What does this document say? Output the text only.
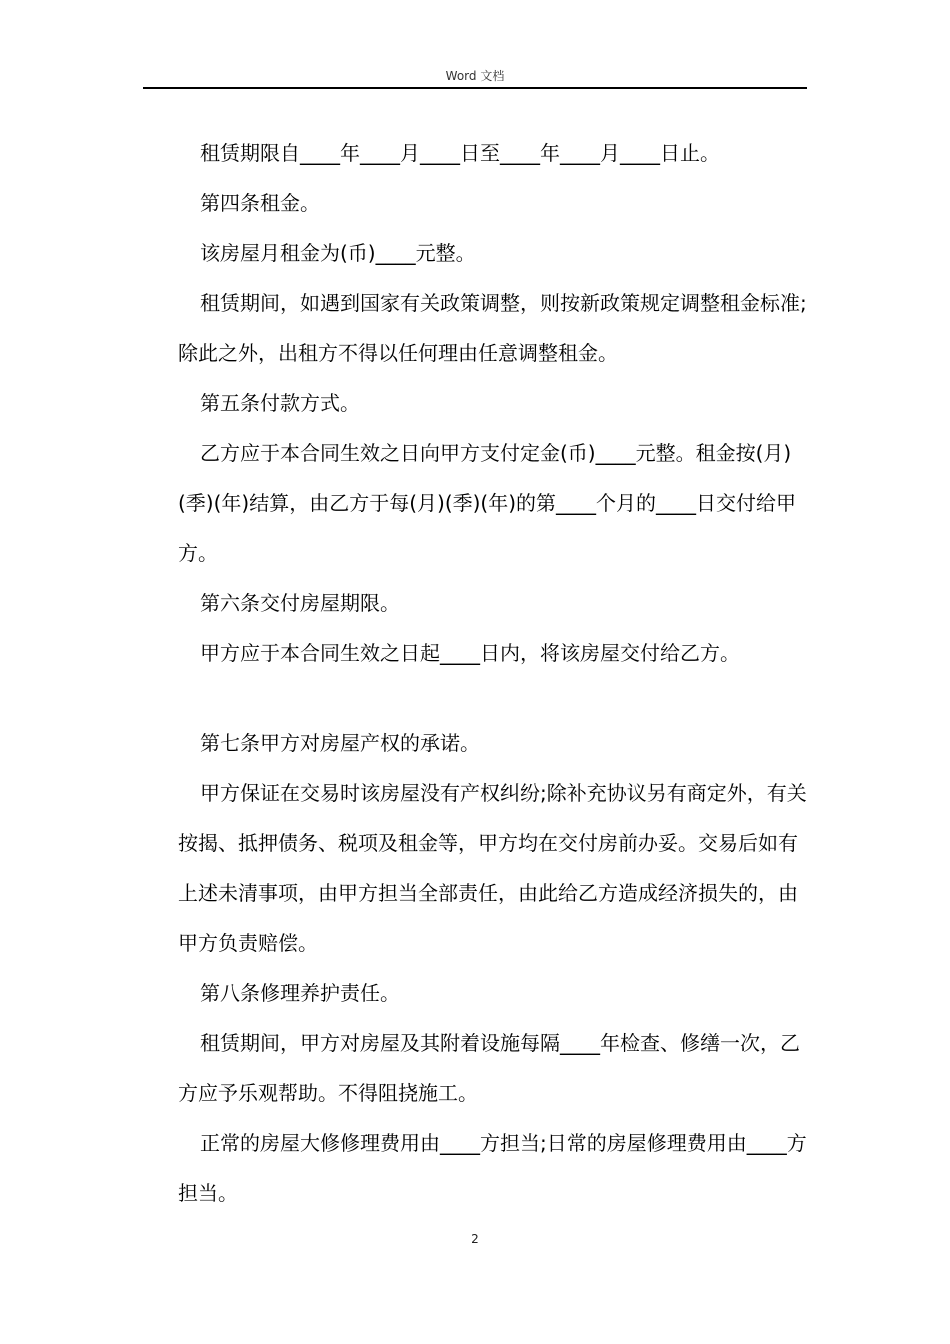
Word 文档

租赁期限自____年____月____日至____年____月____日止。

第四条租金。

该房屋月租金为(币)____元整。

租赁期间，如遇到国家有关政策调整，则按新政策规定调整租金标准;除此之外，出租方不得以任何理由任意调整租金。

第五条付款方式。

乙方应于本合同生效之日向甲方支付定金(币)____元整。租金按(月)(季)(年)结算，由乙方于每(月)(季)(年)的第____个月的____日交付给甲方。

第六条交付房屋期限。

甲方应于本合同生效之日起____日内，将该房屋交付给乙方。

第七条甲方对房屋产权的承诺。

甲方保证在交易时该房屋没有产权纠纷;除补充协议另有商定外，有关按揭、抵押债务、税项及租金等，甲方均在交付房前办妥。交易后如有上述未清事项，由甲方担当全部责任，由此给乙方造成经济损失的，由甲方负责赔偿。

第八条修理养护责任。

租赁期间，甲方对房屋及其附着设施每隔____年检查、修缮一次，乙方应予乐观帮助。不得阻挠施工。

正常的房屋大修修理费用由____方担当;日常的房屋修理费用由____方担当。

2
